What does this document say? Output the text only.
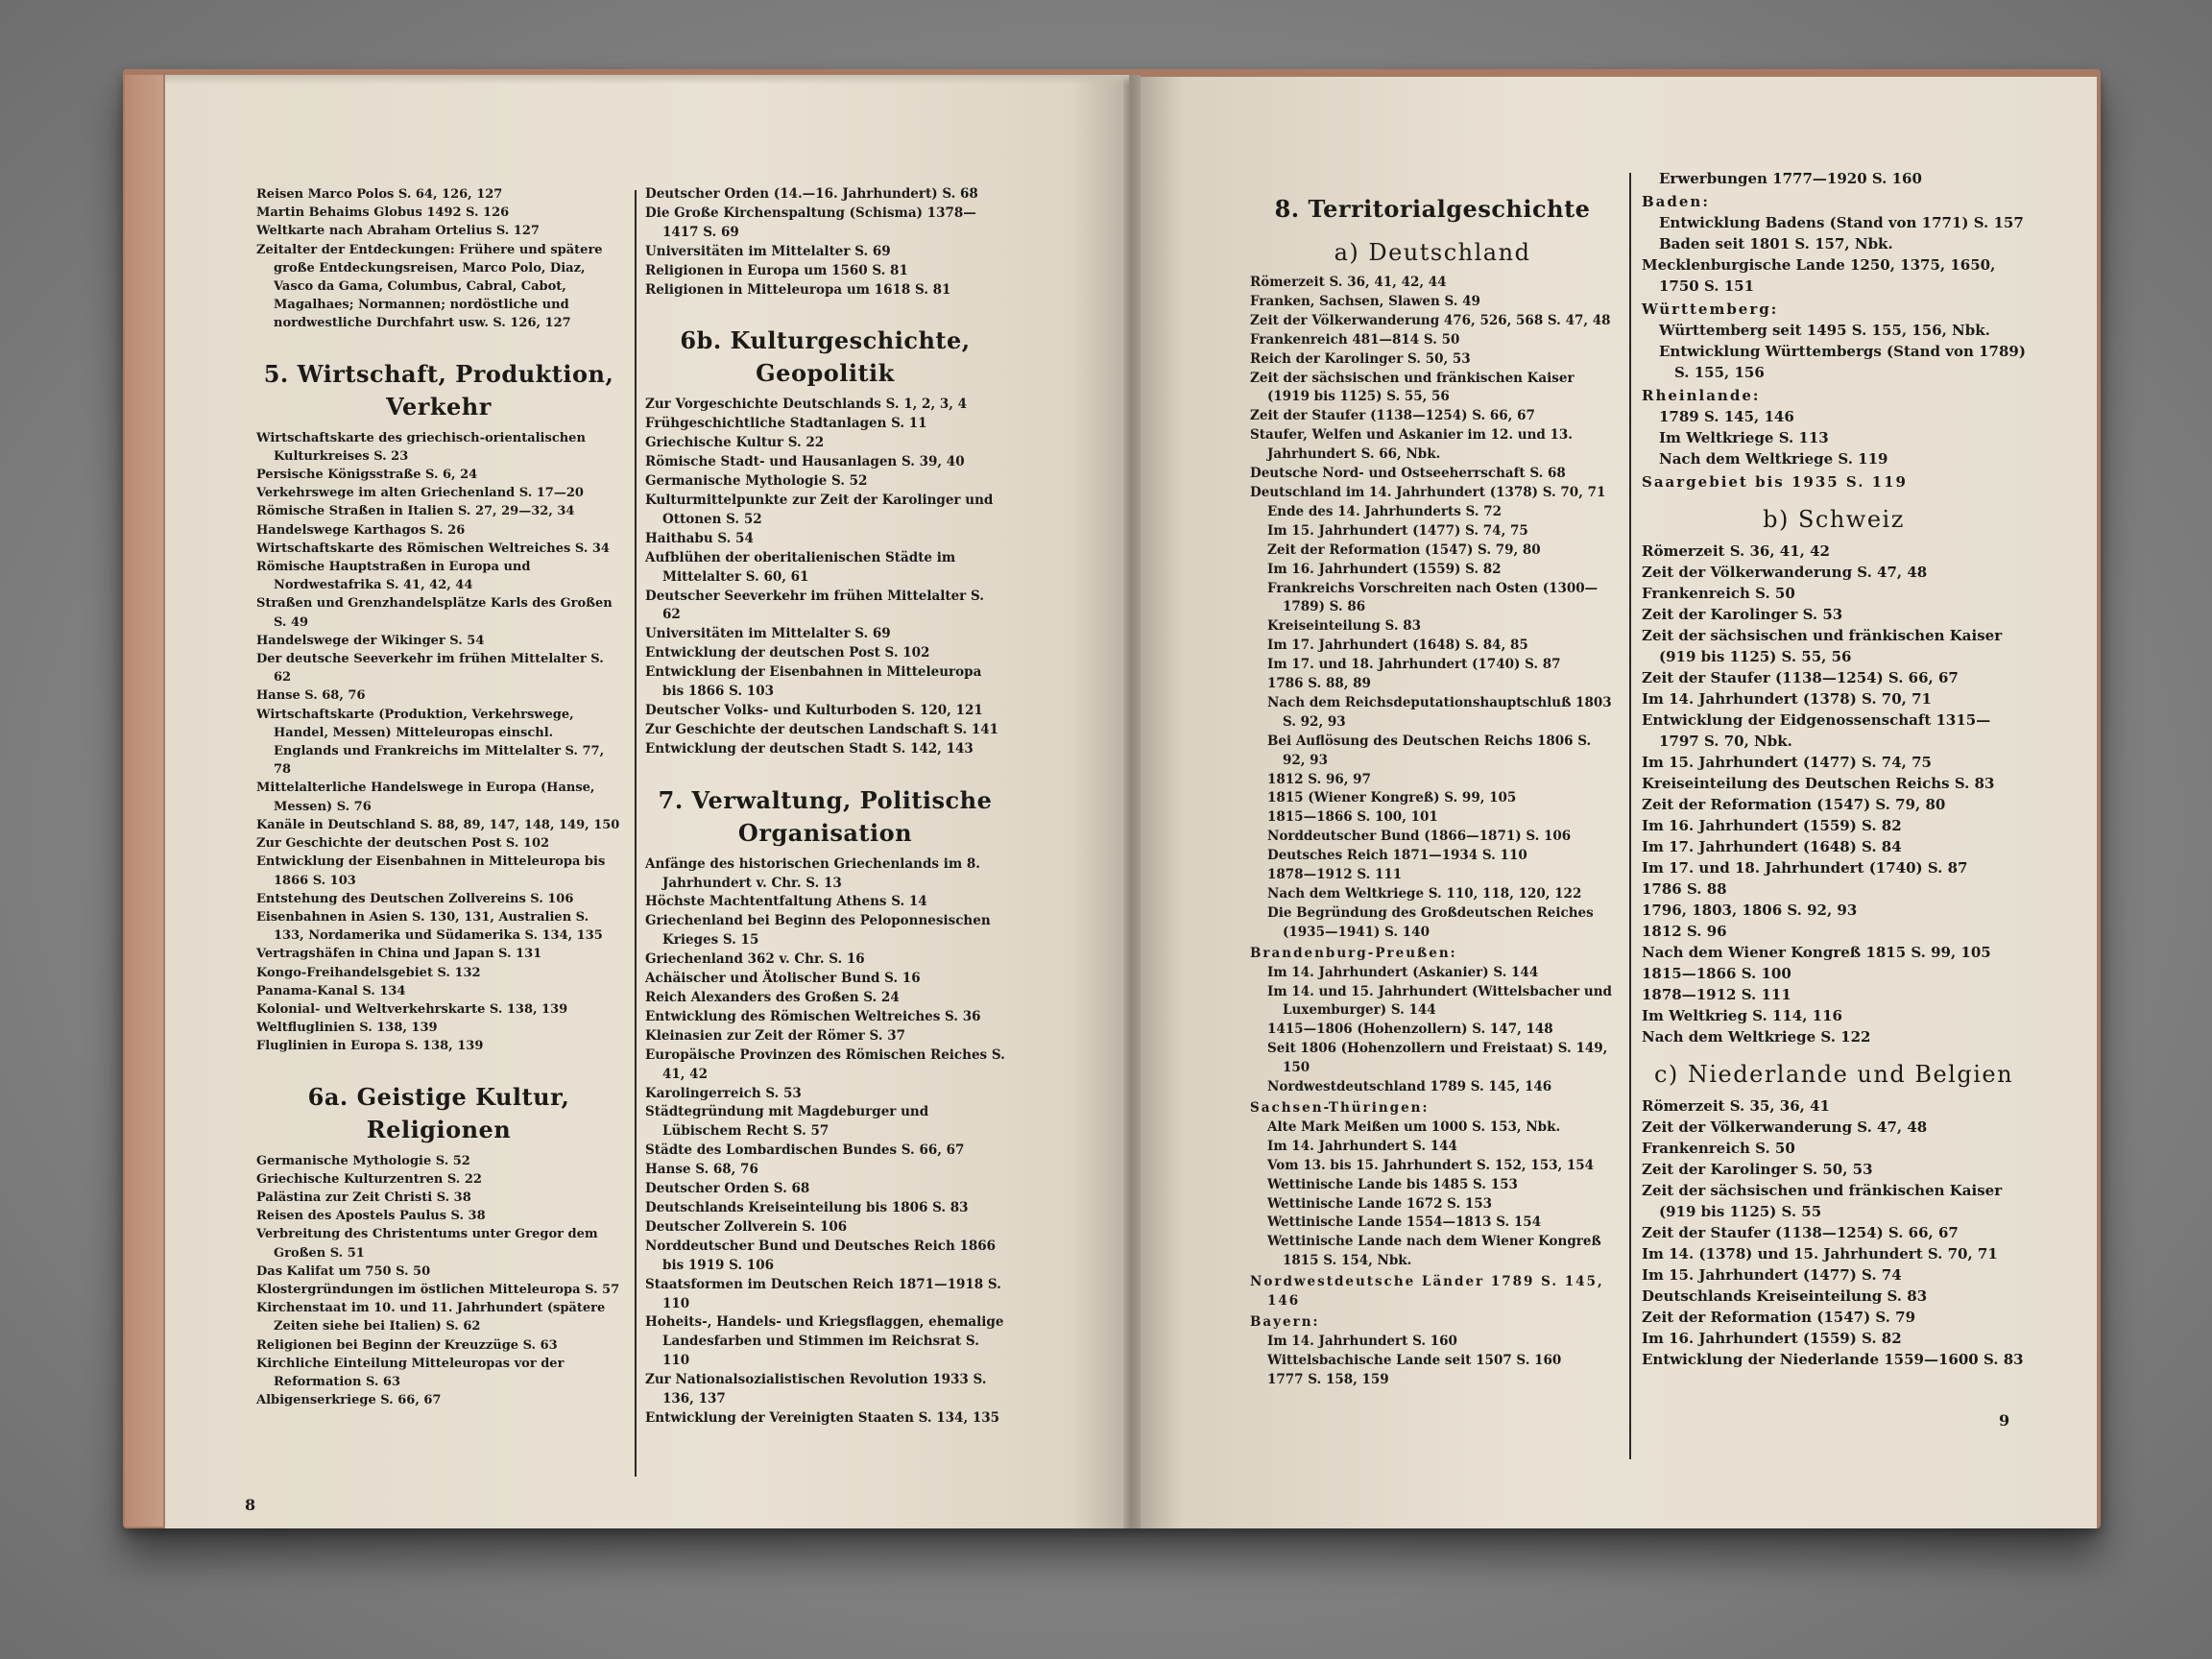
Reisen Marco Polos S. 64, 126, 127
Martin Behaims Globus 1492 S. 126
Weltkarte nach Abraham Ortelius S. 127
Zeitalter der Entdeckungen: Frühere und spätere große Entdeckungsreisen, Marco Polo, Diaz, Vasco da Gama, Columbus, Cabral, Cabot, Magalhaes; Normannen; nordöstliche und nordwestliche Durchfahrt usw. S. 126, 127
5. Wirtschaft, Produktion, Verkehr
Wirtschaftskarte des griechisch-orientalischen Kulturkreises S. 23
Persische Königsstraße S. 6, 24
Verkehrswege im alten Griechenland S. 17—20
Römische Straßen in Italien S. 27, 29—32, 34
Handelswege Karthagos S. 26
Wirtschaftskarte des Römischen Weltreiches S. 34
Römische Hauptstraßen in Europa und Nordwestafrika S. 41, 42, 44
Straßen und Grenzhandelsplätze Karls des Großen S. 49
Handelswege der Wikinger S. 54
Der deutsche Seeverkehr im frühen Mittelalter S. 62
Hanse S. 68, 76
Wirtschaftskarte (Produktion, Verkehrswege, Handel, Messen) Mitteleuropas einschl. Englands und Frankreichs im Mittelalter S. 77, 78
Mittelalterliche Handelswege in Europa (Hanse, Messen) S. 76
Kanäle in Deutschland S. 88, 89, 147, 148, 149, 150
Zur Geschichte der deutschen Post S. 102
Entwicklung der Eisenbahnen in Mitteleuropa bis 1866 S. 103
Entstehung des Deutschen Zollvereins S. 106
Eisenbahnen in Asien S. 130, 131, Australien S. 133, Nordamerika und Südamerika S. 134, 135
Vertragshäfen in China und Japan S. 131
Kongo-Freihandelsgebiet S. 132
Panama-Kanal S. 134
Kolonial- und Weltverkehrskarte S. 138, 139
Weltfluglinien S. 138, 139
Fluglinien in Europa S. 138, 139
6a. Geistige Kultur, Religionen
Germanische Mythologie S. 52
Griechische Kulturzentren S. 22
Palästina zur Zeit Christi S. 38
Reisen des Apostels Paulus S. 38
Verbreitung des Christentums unter Gregor dem Großen S. 51
Das Kalifat um 750 S. 50
Klostergründungen im östlichen Mitteleuropa S. 57
Kirchenstaat im 10. und 11. Jahrhundert (spätere Zeiten siehe bei Italien) S. 62
Religionen bei Beginn der Kreuzzüge S. 63
Kirchliche Einteilung Mitteleuropas vor der Reformation S. 63
Albigenserkriege S. 66, 67
Deutscher Orden (14.—16. Jahrhundert) S. 68
Die Große Kirchenspaltung (Schisma) 1378—1417 S. 69
Universitäten im Mittelalter S. 69
Religionen in Europa um 1560 S. 81
Religionen in Mitteleuropa um 1618 S. 81
6b. Kulturgeschichte, Geopolitik
Zur Vorgeschichte Deutschlands S. 1, 2, 3, 4
Frühgeschichtliche Stadtanlagen S. 11
Griechische Kultur S. 22
Römische Stadt- und Hausanlagen S. 39, 40
Germanische Mythologie S. 52
Kulturmittelpunkte zur Zeit der Karolinger und Ottonen S. 52
Haithabu S. 54
Aufblühen der oberitalienischen Städte im Mittelalter S. 60, 61
Deutscher Seeverkehr im frühen Mittelalter S. 62
Universitäten im Mittelalter S. 69
Entwicklung der deutschen Post S. 102
Entwicklung der Eisenbahnen in Mitteleuropa bis 1866 S. 103
Deutscher Volks- und Kulturboden S. 120, 121
Zur Geschichte der deutschen Landschaft S. 141
Entwicklung der deutschen Stadt S. 142, 143
7. Verwaltung, Politische Organisation
Anfänge des historischen Griechenlands im 8. Jahrhundert v. Chr. S. 13
Höchste Machtentfaltung Athens S. 14
Griechenland bei Beginn des Peloponnesischen Krieges S. 15
Griechenland 362 v. Chr. S. 16
Achäischer und Ätolischer Bund S. 16
Reich Alexanders des Großen S. 24
Entwicklung des Römischen Weltreiches S. 36
Kleinasien zur Zeit der Römer S. 37
Europäische Provinzen des Römischen Reiches S. 41, 42
Karolingerreich S. 53
Städtegründung mit Magdeburger und Lübischem Recht S. 57
Städte des Lombardischen Bundes S. 66, 67
Hanse S. 68, 76
Deutscher Orden S. 68
Deutschlands Kreiseinteilung bis 1806 S. 83
Deutscher Zollverein S. 106
Norddeutscher Bund und Deutsches Reich 1866 bis 1919 S. 106
Staatsformen im Deutschen Reich 1871—1918 S. 110
Hoheits-, Handels- und Kriegsflaggen, ehemalige Landesfarben und Stimmen im Reichsrat S. 110
Zur Nationalsozialistischen Revolution 1933 S. 136, 137
Entwicklung der Vereinigten Staaten S. 134, 135
8
8. Territorialgeschichte
a) Deutschland
Römerzeit S. 36, 41, 42, 44
Franken, Sachsen, Slawen S. 49
Zeit der Völkerwanderung 476, 526, 568 S. 47, 48
Frankenreich 481—814 S. 50
Reich der Karolinger S. 50, 53
Zeit der sächsischen und fränkischen Kaiser (1919 bis 1125) S. 55, 56
Zeit der Staufer (1138—1254) S. 66, 67
Staufer, Welfen und Askanier im 12. und 13. Jahrhundert S. 66, Nbk.
Deutsche Nord- und Ostseeherrschaft S. 68
Deutschland im 14. Jahrhundert (1378) S. 70, 71
Ende des 14. Jahrhunderts S. 72
Im 15. Jahrhundert (1477) S. 74, 75
Zeit der Reformation (1547) S. 79, 80
Im 16. Jahrhundert (1559) S. 82
Frankreichs Vorschreiten nach Osten (1300—1789) S. 86
Kreiseinteilung S. 83
Im 17. Jahrhundert (1648) S. 84, 85
Im 17. und 18. Jahrhundert (1740) S. 87
1786 S. 88, 89
Nach dem Reichsdeputationshauptschluß 1803 S. 92, 93
Bei Auflösung des Deutschen Reichs 1806 S. 92, 93
1812 S. 96, 97
1815 (Wiener Kongreß) S. 99, 105
1815—1866 S. 100, 101
Norddeutscher Bund (1866—1871) S. 106
Deutsches Reich 1871—1934 S. 110
1878—1912 S. 111
Nach dem Weltkriege S. 110, 118, 120, 122
Die Begründung des Großdeutschen Reiches (1935—1941) S. 140
Brandenburg-Preußen:
Im 14. Jahrhundert (Askanier) S. 144
Im 14. und 15. Jahrhundert (Wittelsbacher und Luxemburger) S. 144
1415—1806 (Hohenzollern) S. 147, 148
Seit 1806 (Hohenzollern und Freistaat) S. 149, 150
Nordwestdeutschland 1789 S. 145, 146
Sachsen-Thüringen:
Alte Mark Meißen um 1000 S. 153, Nbk.
Im 14. Jahrhundert S. 144
Vom 13. bis 15. Jahrhundert S. 152, 153, 154
Wettinische Lande bis 1485 S. 153
Wettinische Lande 1672 S. 153
Wettinische Lande 1554—1813 S. 154
Wettinische Lande nach dem Wiener Kongreß 1815 S. 154, Nbk.
Nordwestdeutsche Länder 1789 S. 145, 146
Bayern:
Im 14. Jahrhundert S. 160
Wittelsbachische Lande seit 1507 S. 160
1777 S. 158, 159
Erwerbungen 1777—1920 S. 160
Baden:
Entwicklung Badens (Stand von 1771) S. 157
Baden seit 1801 S. 157, Nbk.
Mecklenburgische Lande 1250, 1375, 1650, 1750 S. 151
Württemberg:
Württemberg seit 1495 S. 155, 156, Nbk.
Entwicklung Württembergs (Stand von 1789) S. 155, 156
Rheinlande:
1789 S. 145, 146
Im Weltkriege S. 113
Nach dem Weltkriege S. 119
Saargebiet bis 1935 S. 119
b) Schweiz
Römerzeit S. 36, 41, 42
Zeit der Völkerwanderung S. 47, 48
Frankenreich S. 50
Zeit der Karolinger S. 53
Zeit der sächsischen und fränkischen Kaiser (919 bis 1125) S. 55, 56
Zeit der Staufer (1138—1254) S. 66, 67
Im 14. Jahrhundert (1378) S. 70, 71
Entwicklung der Eidgenossenschaft 1315—1797 S. 70, Nbk.
Im 15. Jahrhundert (1477) S. 74, 75
Kreiseinteilung des Deutschen Reichs S. 83
Zeit der Reformation (1547) S. 79, 80
Im 16. Jahrhundert (1559) S. 82
Im 17. Jahrhundert (1648) S. 84
Im 17. und 18. Jahrhundert (1740) S. 87
1786 S. 88
1796, 1803, 1806 S. 92, 93
1812 S. 96
Nach dem Wiener Kongreß 1815 S. 99, 105
1815—1866 S. 100
1878—1912 S. 111
Im Weltkrieg S. 114, 116
Nach dem Weltkriege S. 122
c) Niederlande und Belgien
Römerzeit S. 35, 36, 41
Zeit der Völkerwanderung S. 47, 48
Frankenreich S. 50
Zeit der Karolinger S. 50, 53
Zeit der sächsischen und fränkischen Kaiser (919 bis 1125) S. 55
Zeit der Staufer (1138—1254) S. 66, 67
Im 14. (1378) und 15. Jahrhundert S. 70, 71
Im 15. Jahrhundert (1477) S. 74
Deutschlands Kreiseinteilung S. 83
Zeit der Reformation (1547) S. 79
Im 16. Jahrhundert (1559) S. 82
Entwicklung der Niederlande 1559—1600 S. 83
9
